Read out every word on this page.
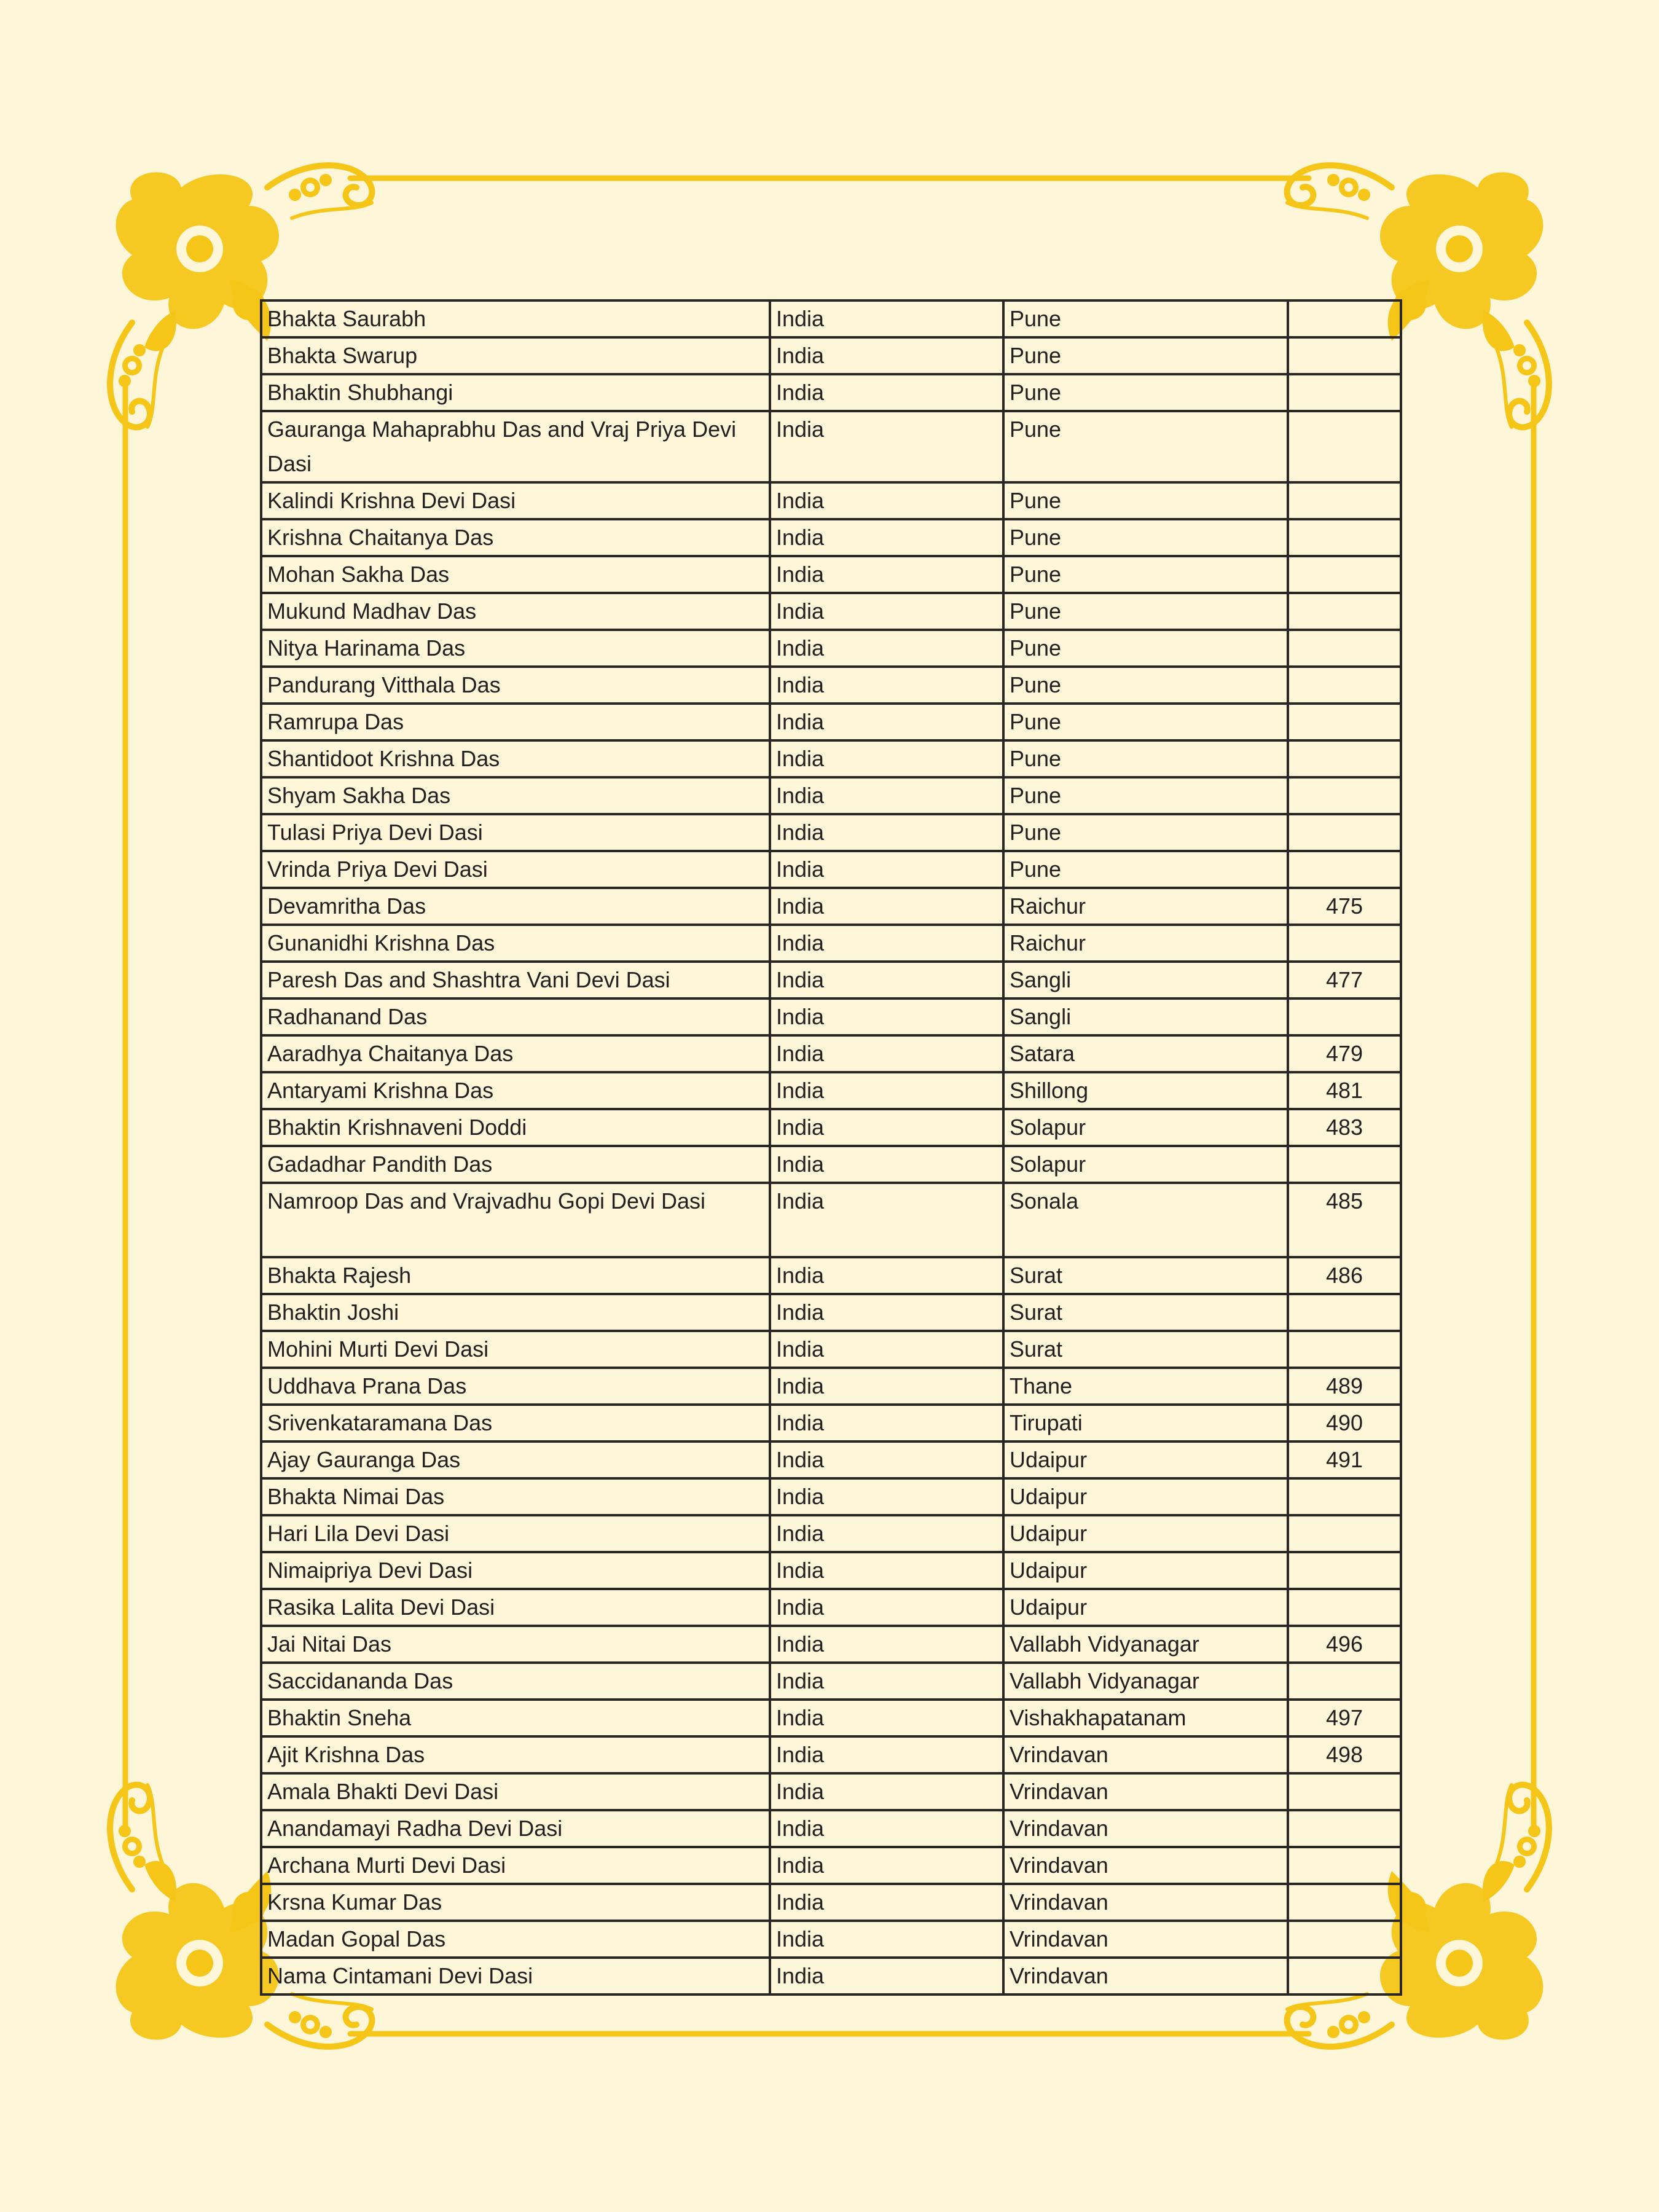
Bhakta Saurabh	India	Pune	
Bhakta Swarup	India	Pune	
Bhaktin Shubhangi	India	Pune	
Gauranga Mahaprabhu Das and Vraj Priya Devi Dasi	India	Pune	
Kalindi Krishna Devi Dasi	India	Pune	
Krishna Chaitanya Das	India	Pune	
Mohan Sakha Das	India	Pune	
Mukund Madhav Das	India	Pune	
Nitya Harinama Das	India	Pune	
Pandurang Vitthala Das	India	Pune	
Ramrupa Das	India	Pune	
Shantidoot Krishna Das	India	Pune	
Shyam Sakha Das	India	Pune	
Tulasi Priya Devi Dasi	India	Pune	
Vrinda Priya Devi Dasi	India	Pune	
Devamritha Das	India	Raichur	475
Gunanidhi Krishna Das	India	Raichur	
Paresh Das and Shashtra Vani Devi Dasi	India	Sangli	477
Radhanand Das	India	Sangli	
Aaradhya Chaitanya Das	India	Satara	479
Antaryami Krishna Das	India	Shillong	481
Bhaktin Krishnaveni Doddi	India	Solapur	483
Gadadhar Pandith Das	India	Solapur	
Namroop Das and Vrajvadhu Gopi Devi Dasi	India	Sonala	485
Bhakta Rajesh	India	Surat	486
Bhaktin Joshi	India	Surat	
Mohini Murti Devi Dasi	India	Surat	
Uddhava Prana Das	India	Thane	489
Srivenkataramana Das	India	Tirupati	490
Ajay Gauranga Das	India	Udaipur	491
Bhakta Nimai Das	India	Udaipur	
Hari Lila Devi Dasi	India	Udaipur	
Nimaipriya Devi Dasi	India	Udaipur	
Rasika Lalita Devi Dasi	India	Udaipur	
Jai Nitai Das	India	Vallabh Vidyanagar	496
Saccidananda Das	India	Vallabh Vidyanagar	
Bhaktin Sneha	India	Vishakhapatanam	497
Ajit Krishna Das	India	Vrindavan	498
Amala Bhakti Devi Dasi	India	Vrindavan	
Anandamayi Radha Devi Dasi	India	Vrindavan	
Archana Murti Devi Dasi	India	Vrindavan	
Krsna Kumar Das	India	Vrindavan	
Madan Gopal Das	India	Vrindavan	
Nama Cintamani Devi Dasi	India	Vrindavan	
